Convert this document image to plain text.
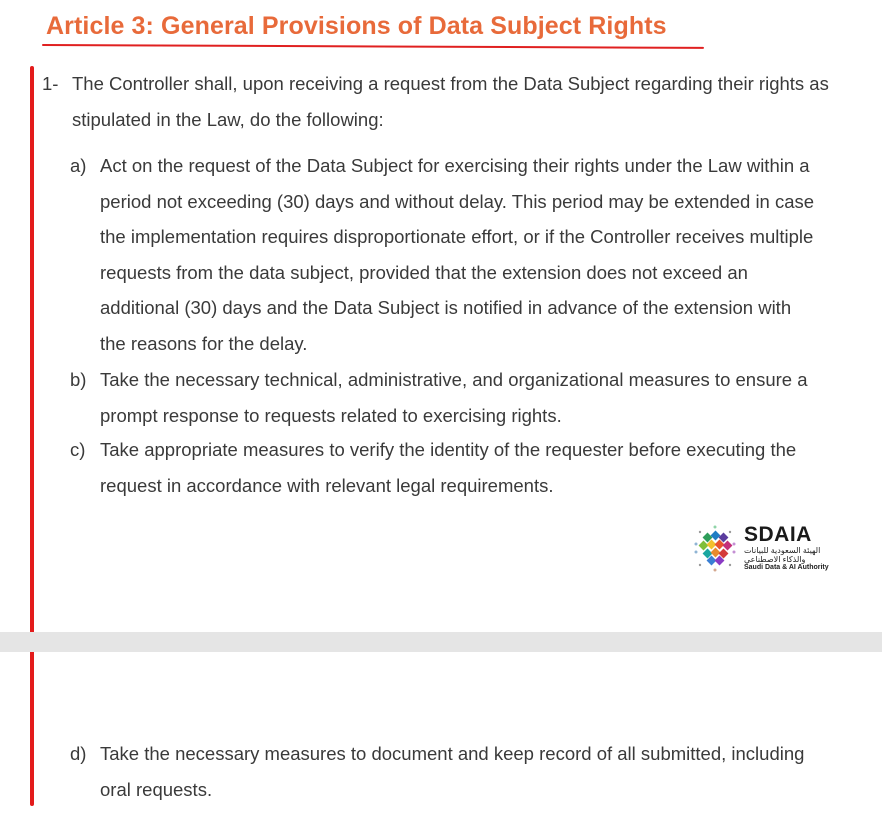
Article 3: General Provisions of Data Subject Rights
1- The Controller shall, upon receiving a request from the Data Subject regarding their rights as stipulated in the Law, do the following:
a) Act on the request of the Data Subject for exercising their rights under the Law within a period not exceeding (30) days and without delay. This period may be extended in case the implementation requires disproportionate effort, or if the Controller receives multiple requests from the data subject, provided that the extension does not exceed an additional (30) days and the Data Subject is notified in advance of the extension with the reasons for the delay.
b) Take the necessary technical, administrative, and organizational measures to ensure a prompt response to requests related to exercising rights.
c) Take appropriate measures to verify the identity of the requester before executing the request in accordance with relevant legal requirements.
SDAIA
الهيئة السعودية للبيانات
والذكاء الاصطناعي
Saudi Data & AI Authority
d) Take the necessary measures to document and keep record of all submitted, including oral requests.
